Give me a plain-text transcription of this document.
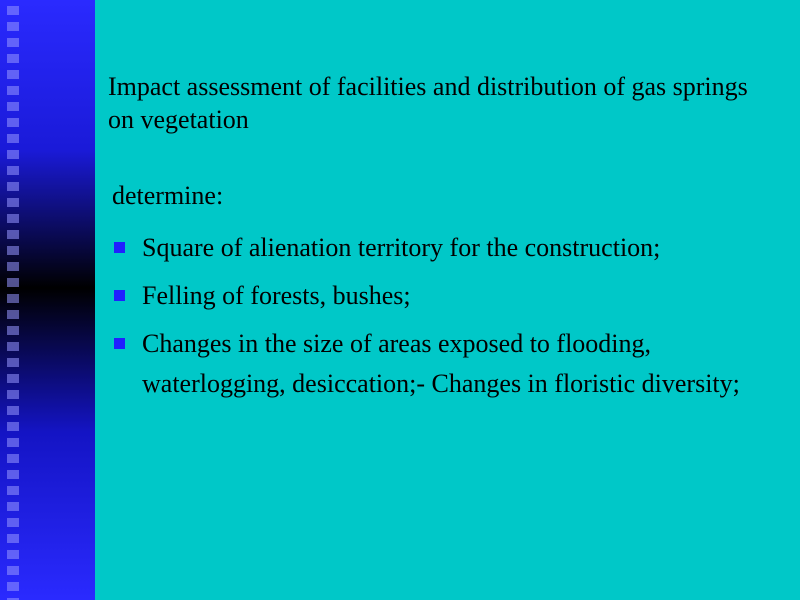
Impact assessment of facilities and distribution of gas springs on vegetation

determine:

Square of alienation territory for the construction;
Felling of forests, bushes;
Changes in the size of areas exposed to flooding, waterlogging, desiccation;- Changes in floristic diversity;
